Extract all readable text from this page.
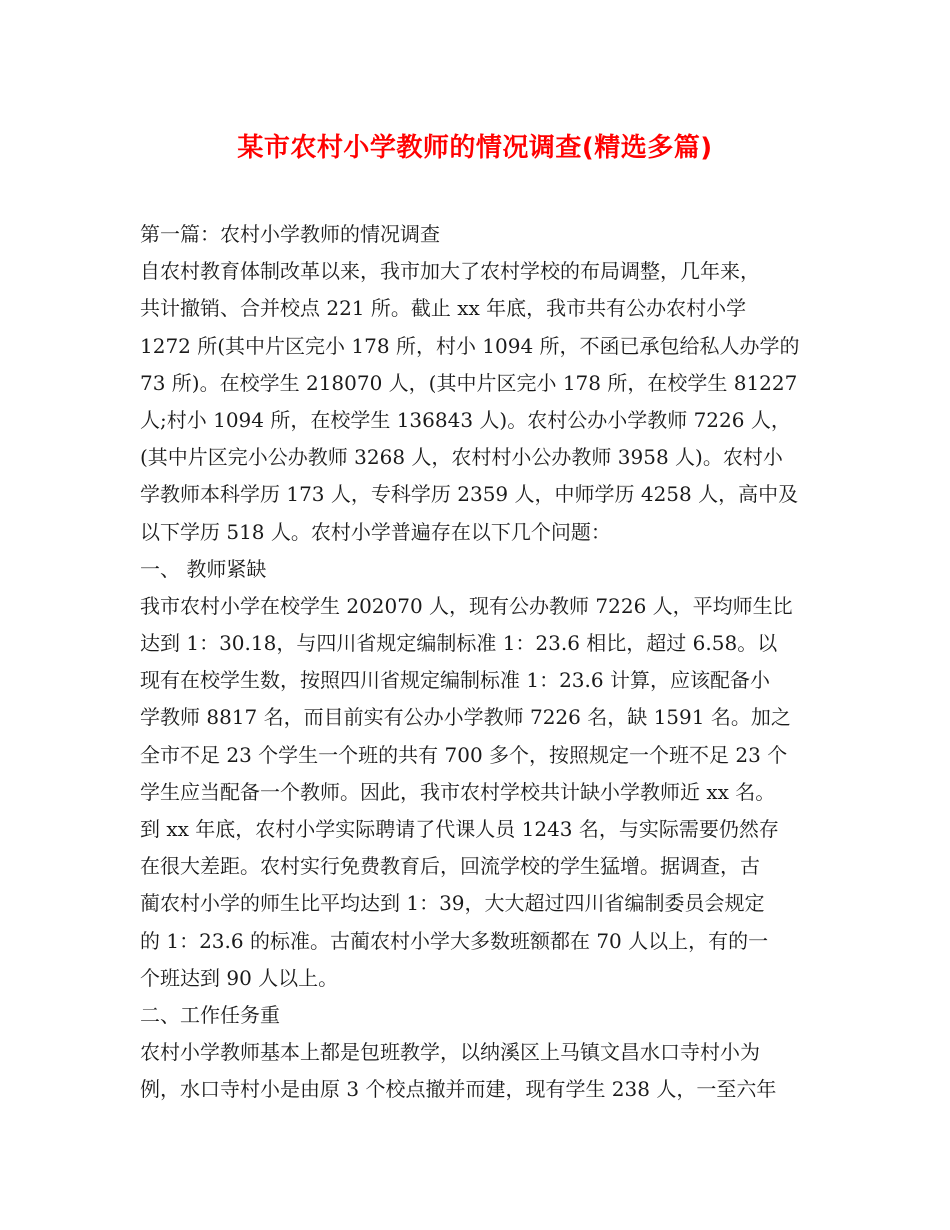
某市农村小学教师的情况调查(精选多篇)
第一篇：农村小学教师的情况调查
自农村教育体制改革以来，我市加大了农村学校的布局调整，几年来，
共计撤销、合并校点 221 所。截止 xx 年底，我市共有公办农村小学
1272 所(其中片区完小 178 所，村小 1094 所，不函已承包给私人办学的
73 所)。在校学生 218070 人，(其中片区完小 178 所，在校学生 81227
人;村小 1094 所，在校学生 136843 人)。农村公办小学教师 7226 人，
(其中片区完小公办教师 3268 人，农村村小公办教师 3958 人)。农村小
学教师本科学历 173 人，专科学历 2359 人，中师学历 4258 人，高中及
以下学历 518 人。农村小学普遍存在以下几个问题：
一、 教师紧缺
我市农村小学在校学生 202070 人，现有公办教师 7226 人，平均师生比
达到 1：30.18，与四川省规定编制标准 1：23.6 相比，超过 6.58。以
现有在校学生数，按照四川省规定编制标准 1：23.6 计算，应该配备小
学教师 8817 名，而目前实有公办小学教师 7226 名，缺 1591 名。加之
全市不足 23 个学生一个班的共有 700 多个，按照规定一个班不足 23 个
学生应当配备一个教师。因此，我市农村学校共计缺小学教师近 xx 名。
到 xx 年底，农村小学实际聘请了代课人员 1243 名，与实际需要仍然存
在很大差距。农村实行免费教育后，回流学校的学生猛增。据调查，古
蔺农村小学的师生比平均达到 1：39，大大超过四川省编制委员会规定
的 1：23.6 的标准。古蔺农村小学大多数班额都在 70 人以上，有的一
个班达到 90 人以上。
二、工作任务重
农村小学教师基本上都是包班教学，以纳溪区上马镇文昌水口寺村小为
例，水口寺村小是由原 3 个校点撤并而建，现有学生 238 人，一至六年
